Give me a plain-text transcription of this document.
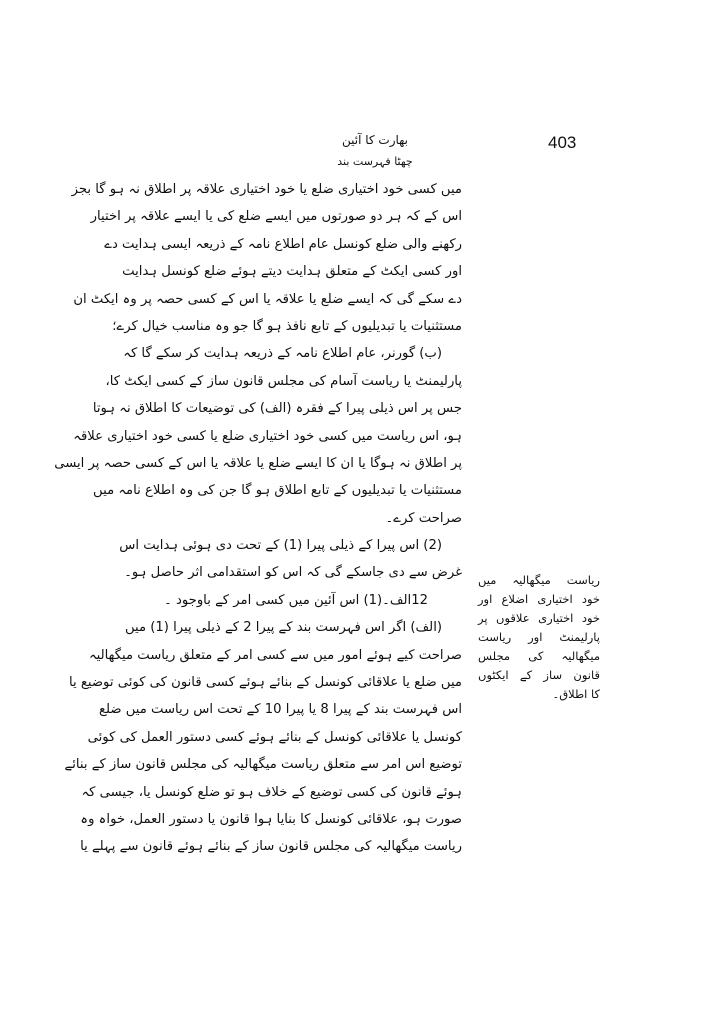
403
بھارت کا آئین
چھٹا فہرست بند
میں کسی خود اختیاری ضلع یا خود اختیاری علاقہ پر اطلاق نہ ہو گا بجز
اس کے کہ ہر دو صورتوں میں ایسے ضلع کی یا ایسے علاقہ پر اختیار
رکھنے والی ضلع کونسل عام اطلاع نامہ کے ذریعہ ایسی ہدایت دے
اور کسی ایکٹ کے متعلق ہدایت دیتے ہوئے ضلع کونسل ہدایت
دے سکے گی کہ ایسے ضلع یا علاقہ یا اس کے کسی حصہ پر وہ ایکٹ ان
مستثنیات یا تبدیلیوں کے تابع نافذ ہو گا جو وہ مناسب خیال کرے؛
(ب) گورنر، عام اطلاع نامہ کے ذریعہ ہدایت کر سکے گا کہ
پارلیمنٹ یا ریاست آسام کی مجلس قانون ساز کے کسی ایکٹ کا،
جس پر اس ذیلی پیرا کے فقرہ (الف) کی توضیعات کا اطلاق نہ ہوتا
ہو، اس ریاست میں کسی خود اختیاری ضلع یا کسی خود اختیاری علاقہ
پر اطلاق نہ ہوگا یا ان کا ایسے ضلع یا علاقہ یا اس کے کسی حصہ پر ایسی
مستثنیات یا تبدیلیوں کے تابع اطلاق ہو گا جن کی وہ اطلاع نامہ میں
صراحت کرے۔
(2) اس پیرا کے ذیلی پیرا (1) کے تحت دی ہوئی ہدایت اس
غرض سے دی جاسکے گی کہ اس کو استقدامی اثر حاصل ہو۔
12الف۔(1) اس آئین میں کسی امر کے باوجود ۔
(الف) اگر اس فہرست بند کے پیرا 2 کے ذیلی پیرا (1) میں
صراحت کیے ہوئے امور میں سے کسی امر کے متعلق ریاست میگھالیہ
میں ضلع یا علاقائی کونسل کے بنائے ہوئے کسی قانون کی کوئی توضیع یا
اس فہرست بند کے پیرا 8 یا پیرا 10 کے تحت اس ریاست میں ضلع
کونسل یا علاقائی کونسل کے بنائے ہوئے کسی دستور العمل کی کوئی
توضیع اس امر سے متعلق ریاست میگھالیہ کی مجلس قانون ساز کے بنائے
ہوئے قانون کی کسی توضیع کے خلاف ہو تو ضلع کونسل یا، جیسی کہ
صورت ہو، علاقائی کونسل کا بنایا ہوا قانون یا دستور العمل، خواہ وہ
ریاست میگھالیہ کی مجلس قانون ساز کے بنائے ہوئے قانون سے پہلے یا
ریاست میگھالیہ میں
خود اختیاری اضلاع اور
خود اختیاری علاقوں پر
پارلیمنٹ اور ریاست
میگھالیہ کی مجلس
قانون ساز کے ایکٹوں
کا اطلاق۔
